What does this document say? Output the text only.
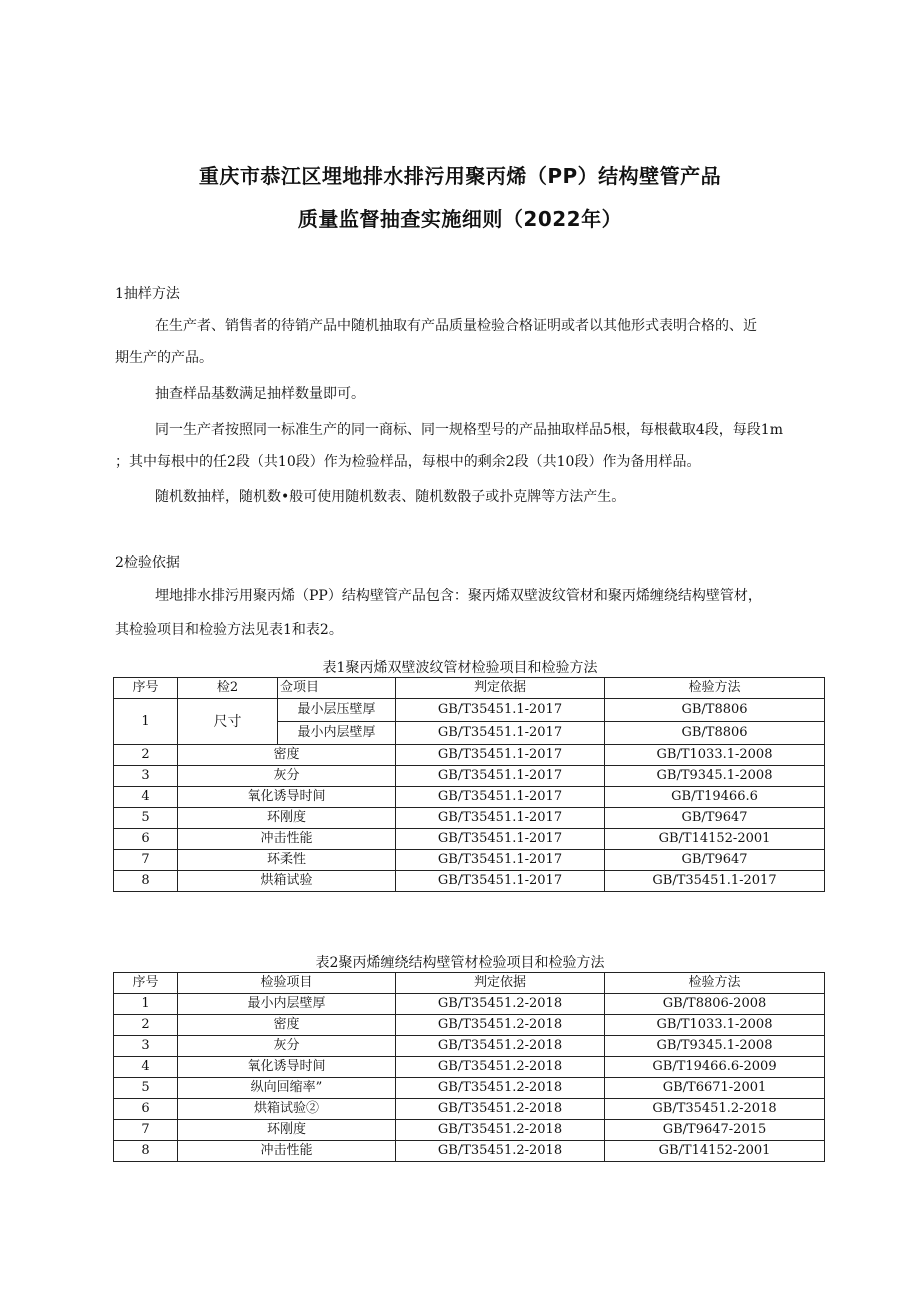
重庆市恭江区埋地排水排污用聚丙烯（PP）结构壁管产品
质量监督抽查实施细则（2022年）
1抽样方法
在生产者、销售者的待销产品中随机抽取有产品质量检验合格证明或者以其他形式表明合格的、近
期生产的产品。
抽查样品基数满足抽样数量即可。
同一生产者按照同一标准生产的同一商标、同一规格型号的产品抽取样品5根，每根截取4段，每段1m
；其中每根中的任2段（共10段）作为检验样品，每根中的剩余2段（共10段）作为备用样品。
随机数抽样，随机数•般可使用随机数表、随机数骰子或扑克牌等方法产生。
2检验依据
埋地排水排污用聚丙烯（PP）结构壁管产品包含：聚丙烯双壁波纹管材和聚丙烯缠绕结构壁管材，
其检验项目和检验方法见表1和表2。
表1聚丙烯双壁波纹管材检验项目和检验方法
序号	检2	佥项目	判定依据	检验方法
1	尺寸	最小层压壁厚	GB/T35451.1-2017	GB/T8806
		最小内层壁厚	GB/T35451.1-2017	GB/T8806
2	密度		GB/T35451.1-2017	GB/T1033.1-2008
3	灰分		GB/T35451.1-2017	GB/T9345.1-2008
4	氧化诱导时间		GB/T35451.1-2017	GB/T19466.6
5	环刚度		GB/T35451.1-2017	GB/T9647
6	冲击性能		GB/T35451.1-2017	GB/T14152-2001
7	环柔性		GB/T35451.1-2017	GB/T9647
8	烘箱试验		GB/T35451.1-2017	GB/T35451.1-2017
表2聚丙烯缠绕结构壁管材检验项目和检验方法
序号	检验项目	判定依据	检验方法
1	最小内层壁厚	GB/T35451.2-2018	GB/T8806-2008
2	密度	GB/T35451.2-2018	GB/T1033.1-2008
3	灰分	GB/T35451.2-2018	GB/T9345.1-2008
4	氧化诱导时间	GB/T35451.2-2018	GB/T19466.6-2009
5	纵向回缩率”	GB/T35451.2-2018	GB/T6671-2001
6	烘箱试验②	GB/T35451.2-2018	GB/T35451.2-2018
7	环刚度	GB/T35451.2-2018	GB/T9647-2015
8	冲击性能	GB/T35451.2-2018	GB/T14152-2001
